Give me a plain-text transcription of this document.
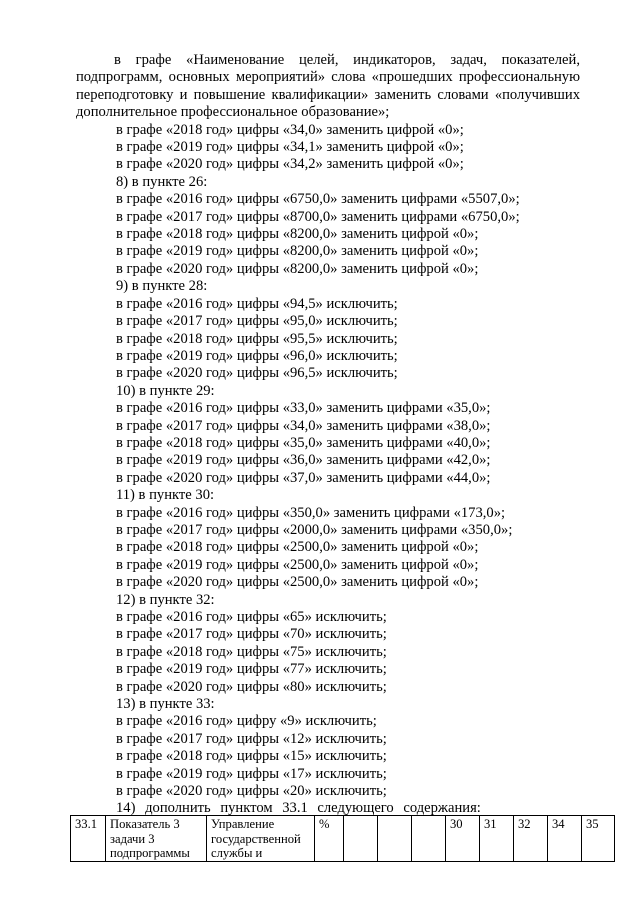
в графе «Наименование целей, индикаторов, задач, показателей, подпрограмм, основных мероприятий» слова «прошедших профессиональную переподготовку и повышение квалификации» заменить словами «получивших дополнительное профессиональное образование»;

в графе «2018 год» цифры «34,0» заменить цифрой «0»;
в графе «2019 год» цифры «34,1» заменить цифрой «0»;
в графе «2020 год» цифры «34,2» заменить цифрой «0»;
8) в пункте 26:
в графе «2016 год» цифры «6750,0» заменить цифрами «5507,0»;
в графе «2017 год» цифры «8700,0» заменить цифрами «6750,0»;
в графе «2018 год» цифры «8200,0» заменить цифрой «0»;
в графе «2019 год» цифры «8200,0» заменить цифрой «0»;
в графе «2020 год» цифры «8200,0» заменить цифрой «0»;
9) в пункте 28:
в графе «2016 год» цифры «94,5» исключить;
в графе «2017 год» цифры «95,0» исключить;
в графе «2018 год» цифры «95,5» исключить;
в графе «2019 год» цифры «96,0» исключить;
в графе «2020 год» цифры «96,5» исключить;
10) в пункте 29:
в графе «2016 год» цифры «33,0» заменить цифрами «35,0»;
в графе «2017 год» цифры «34,0» заменить цифрами «38,0»;
в графе «2018 год» цифры «35,0» заменить цифрами «40,0»;
в графе «2019 год» цифры «36,0» заменить цифрами «42,0»;
в графе «2020 год» цифры «37,0» заменить цифрами «44,0»;
11) в пункте 30:
в графе «2016 год» цифры «350,0» заменить цифрами «173,0»;
в графе «2017 год» цифры «2000,0» заменить цифрами «350,0»;
в графе «2018 год» цифры «2500,0» заменить цифрой «0»;
в графе «2019 год» цифры «2500,0» заменить цифрой «0»;
в графе «2020 год» цифры «2500,0» заменить цифрой «0»;
12) в пункте 32:
в графе «2016 год» цифры «65» исключить;
в графе «2017 год» цифры «70» исключить;
в графе «2018 год» цифры «75» исключить;
в графе «2019 год» цифры «77» исключить;
в графе «2020 год» цифры «80» исключить;
13) в пункте 33:
в графе «2016 год» цифру «9» исключить;
в графе «2017 год» цифры «12» исключить;
в графе «2018 год» цифры «15» исключить;
в графе «2019 год» цифры «17» исключить;
в графе «2020 год» цифры «20» исключить;
14) дополнить пунктом 33.1 следующего содержания:
33.1	Показатель 3 задачи 3 подпрограммы	Управление государственной службы и	%				30	31	32	34	35
